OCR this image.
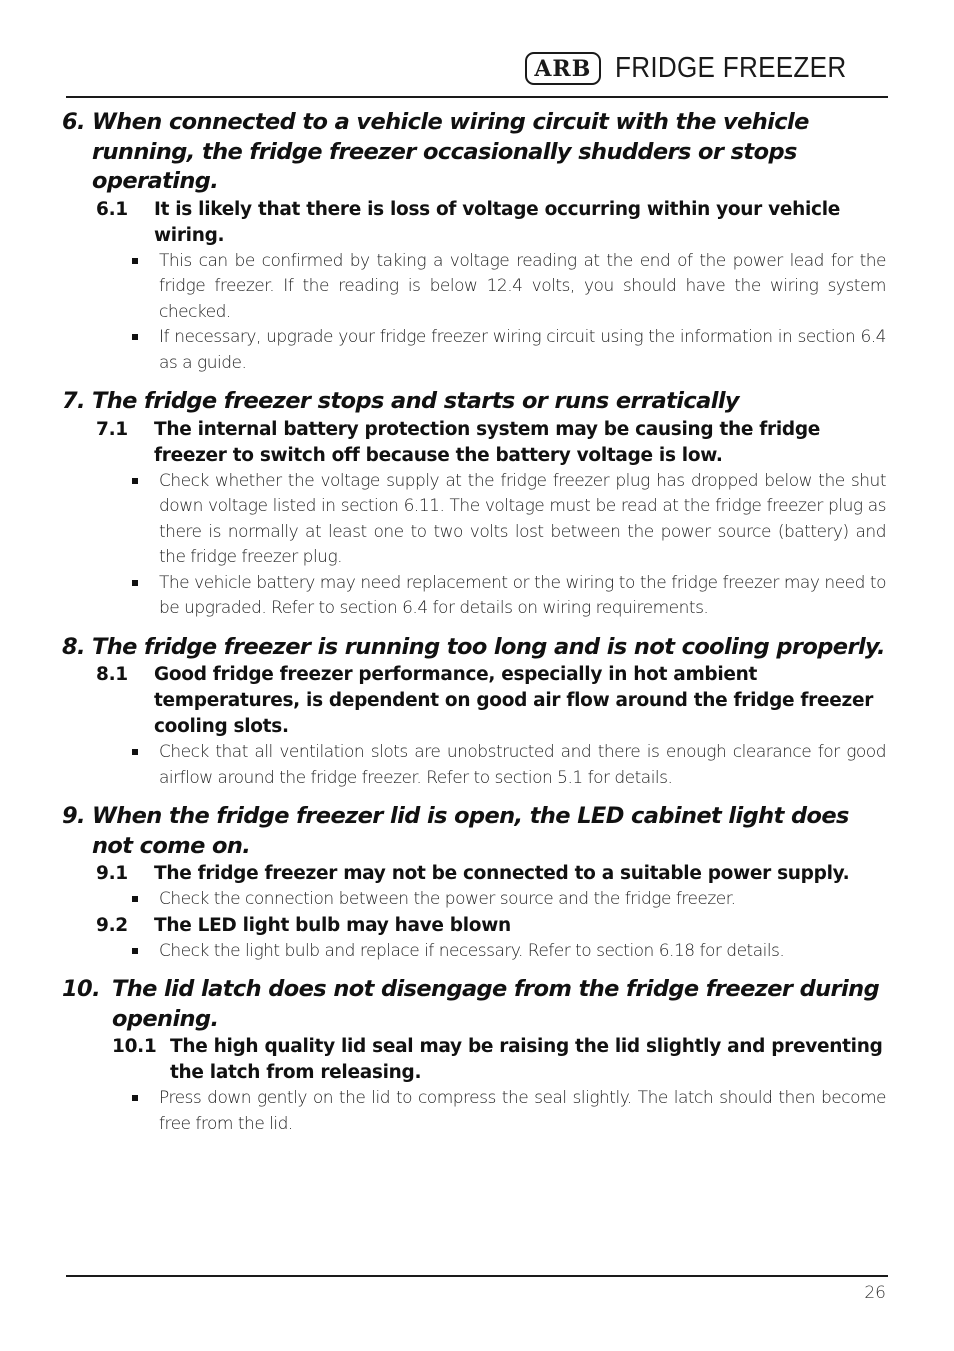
ARB FRIDGE FREEZER
6. When connected to a vehicle wiring circuit with the vehicle running, the fridge freezer occasionally shudders or stops operating.
6.1	It is likely that there is loss of voltage occurring within your vehicle wiring.
This can be confirmed by taking a voltage reading at the end of the power lead for the fridge freezer. If the reading is below 12.4 volts, you should have the wiring system checked.
If necessary, upgrade your fridge freezer wiring circuit using the information in section 6.4 as a guide.
7. The fridge freezer stops and starts or runs erratically
7.1	The internal battery protection system may be causing the fridge freezer to switch off because the battery voltage is low.
Check whether the voltage supply at the fridge freezer plug has dropped below the shut down voltage listed in section 6.11. The voltage must be read at the fridge freezer plug as there is normally at least one to two volts lost between the power source (battery) and the fridge freezer plug.
The vehicle battery may need replacement or the wiring to the fridge freezer may need to be upgraded. Refer to section 6.4 for details on wiring requirements.
8. The fridge freezer is running too long and is not cooling properly.
8.1	Good fridge freezer performance, especially in hot ambient temperatures, is dependent on good air flow around the fridge freezer cooling slots.
Check that all ventilation slots are unobstructed and there is enough clearance for good airflow around the fridge freezer. Refer to section 5.1 for details.
9. When the fridge freezer lid is open, the LED cabinet light does not come on.
9.1	The fridge freezer may not be connected to a suitable power supply.
Check the connection between the power source and the fridge freezer.
9.2	The LED light bulb may have blown
Check the light bulb and replace if necessary. Refer to section 6.18 for details.
10. The lid latch does not disengage from the fridge freezer during opening.
10.1 The high quality lid seal may be raising the lid slightly and preventing the latch from releasing.
Press down gently on the lid to compress the seal slightly. The latch should then become free from the lid.
26
